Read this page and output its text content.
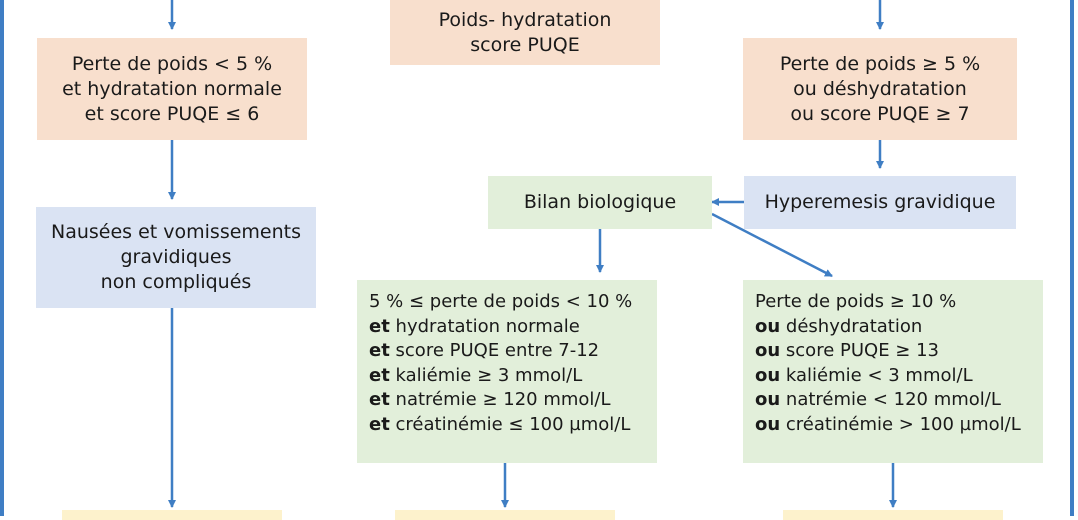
Poids- hydratation
score PUQE
Perte de poids < 5 %
et hydratation normale
et score PUQE ≤ 6
Perte de poids ≥ 5 %
ou déshydratation
ou score PUQE ≥ 7
Bilan biologique	Hyperemesis gravidique
Nausées et vomissements
gravidiques
non compliqués
5 % ≤ perte de poids < 10 %
et hydratation normale
et score PUQE entre 7-12
et kaliémie ≥ 3 mmol/L
et natrémie ≥ 120 mmol/L
et créatinémie ≤ 100 µmol/L
Perte de poids ≥ 10 %
ou déshydratation
ou score PUQE ≥ 13
ou kaliémie < 3 mmol/L
ou natrémie < 120 mmol/L
ou créatinémie > 100 µmol/L
